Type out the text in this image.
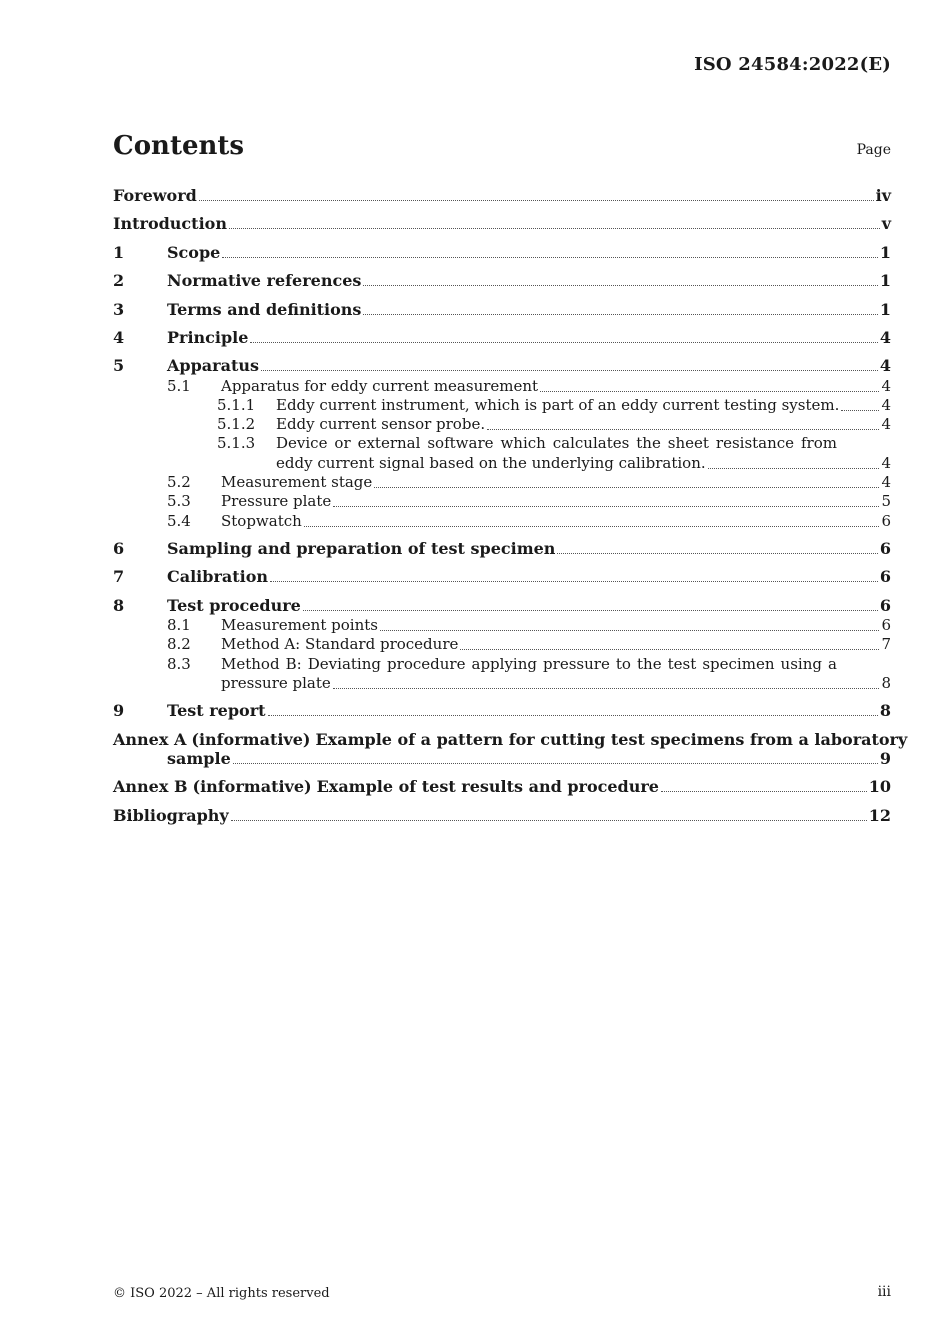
ISO 24584:2022(E)
Contents	Page
Foreword	iv
Introduction	v
1	Scope	1
2	Normative references	1
3	Terms and definitions	1
4	Principle	4
5	Apparatus	4
5.1	Apparatus for eddy current measurement	4
5.1.1	Eddy current instrument, which is part of an eddy current testing system.	4
5.1.2	Eddy current sensor probe.	4
5.1.3	Device or external software which calculates the sheet resistance from
eddy current signal based on the underlying calibration.	4
5.2	Measurement stage	4
5.3	Pressure plate	5
5.4	Stopwatch	6
6	Sampling and preparation of test specimen	6
7	Calibration	6
8	Test procedure	6
8.1	Measurement points	6
8.2	Method A: Standard procedure	7
8.3	Method B: Deviating procedure applying pressure to the test specimen using a
pressure plate	8
9	Test report	8
Annex A (informative) Example of a pattern for cutting test specimens from a laboratory
sample	9
Annex B (informative) Example of test results and procedure	10
Bibliography	12
© ISO 2022 – All rights reserved	iii
